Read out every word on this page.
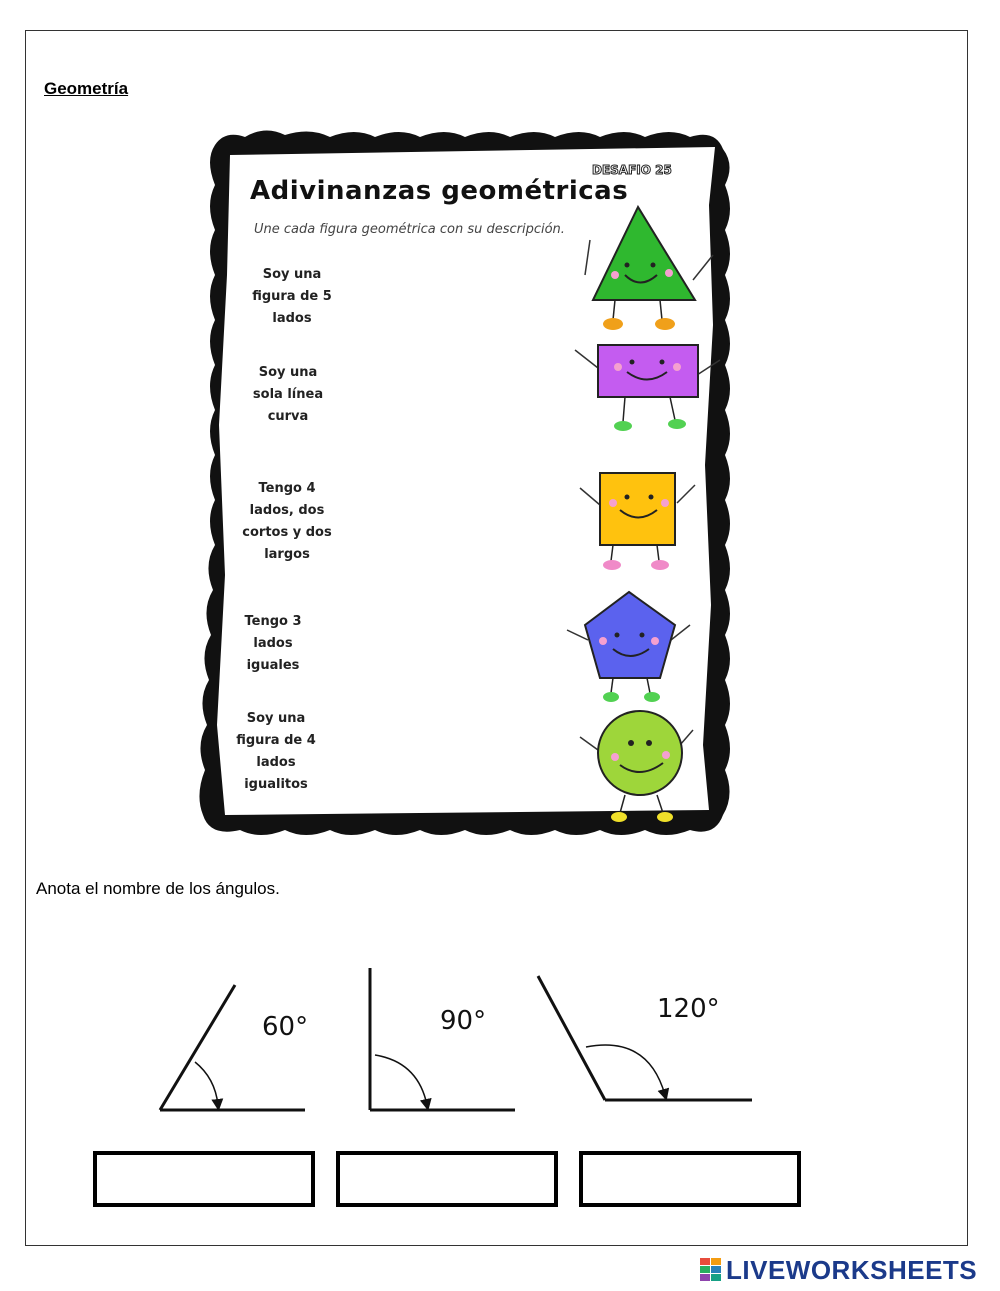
Geometría
DESAFIO 25
Adivinanzas geométricas
Une cada figura geométrica con su descripción.
Soy una
figura de 5
lados
Soy una
sola línea
curva
Tengo 4
lados, dos
cortos y dos
largos
Tengo 3
lados
iguales
Soy una
figura de 4
lados
igualitos
Anota el nombre de los ángulos.
60°	90°	120°
LIVEWORKSHEETS
